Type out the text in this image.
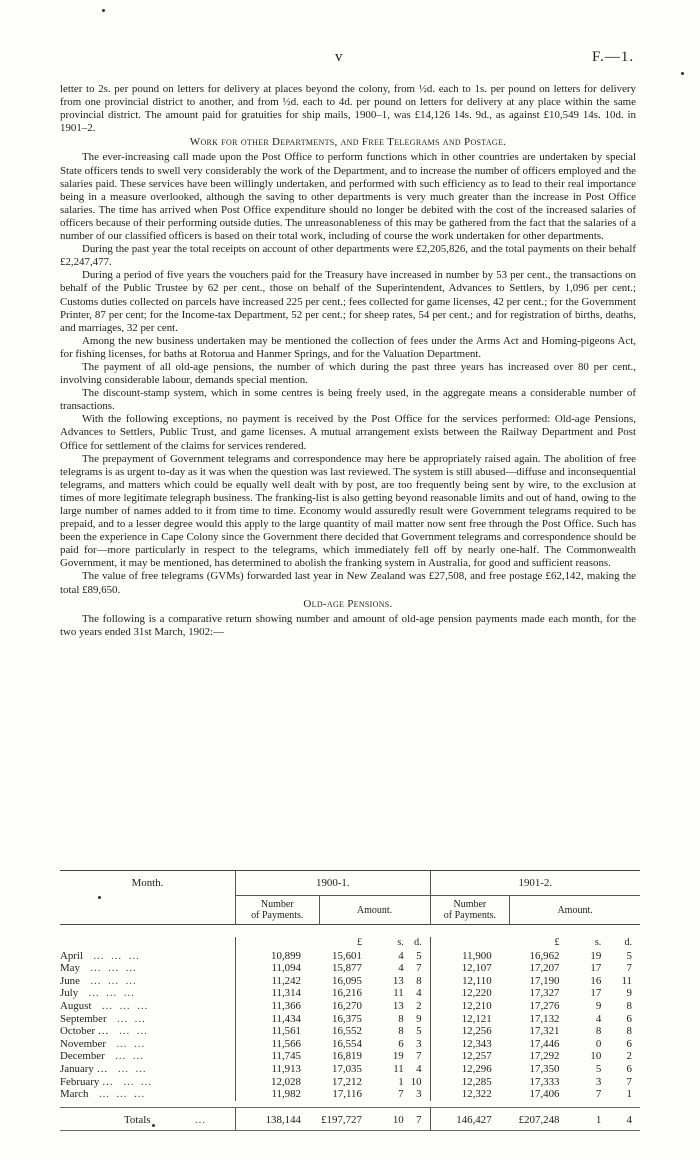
v	F.—1.

letter to 2s. per pound on letters for delivery at places beyond the colony, from ½d. each to 1s. per pound on letters for delivery from one provincial district to another, and from ½d. each to 4d. per pound on letters for delivery at any place within the same provincial district. The amount paid for gratuities for ship mails, 1900–1, was £14,126 14s. 9d., as against £10,549 14s. 10d. in 1901–2.

Work for other Departments, and Free Telegrams and Postage.

The ever-increasing call made upon the Post Office to perform functions which in other countries are undertaken by special State officers tends to swell very considerably the work of the Department, and to increase the number of officers employed and the salaries paid. These services have been willingly undertaken, and performed with such efficiency as to lead to their real importance being in a measure overlooked, although the saving to other departments is very much greater than the increase in Post Office salaries. The time has arrived when Post Office expenditure should no longer be debited with the cost of the increased salaries of officers because of their performing outside duties. The unreasonableness of this may be gathered from the fact that the salaries of a number of our classified officers is based on their total work, including of course the work undertaken for other departments.

During the past year the total receipts on account of other departments were £2,205,826, and the total payments on their behalf £2,247,477.

During a period of five years the vouchers paid for the Treasury have increased in number by 53 per cent., the transactions on behalf of the Public Trustee by 62 per cent., those on behalf of the Superintendent, Advances to Settlers, by 1,096 per cent.; Customs duties collected on parcels have increased 225 per cent.; fees collected for game licenses, 42 per cent.; for the Government Printer, 87 per cent; for the Income-tax Department, 52 per cent.; for sheep rates, 54 per cent.; and for registration of births, deaths, and marriages, 32 per cent.

Among the new business undertaken may be mentioned the collection of fees under the Arms Act and Homing-pigeons Act, for fishing licenses, for baths at Rotorua and Hanmer Springs, and for the Valuation Department.

The payment of all old-age pensions, the number of which during the past three years has increased over 80 per cent., involving considerable labour, demands special mention.

The discount-stamp system, which in some centres is being freely used, in the aggregate means a considerable number of transactions.

With the following exceptions, no payment is received by the Post Office for the services performed: Old-age Pensions, Advances to Settlers, Public Trust, and game licenses. A mutual arrangement exists between the Railway Department and Post Office for settlement of the claims for services rendered.

The prepayment of Government telegrams and correspondence may here be appropriately raised again. The abolition of free telegrams is as urgent to-day as it was when the question was last reviewed. The system is still abused—diffuse and inconsequential telegrams, and matters which could be equally well dealt with by post, are too frequently being sent by wire, to the exclusion at times of more legitimate telegraph business. The franking-list is also getting beyond reasonable limits and out of hand, owing to the large number of names added to it from time to time. Economy would assuredly result were Government telegrams required to be prepaid, and to a lesser degree would this apply to the large quantity of mail matter now sent free through the Post Office. Such has been the experience in Cape Colony since the Government there decided that Government telegrams and correspondence should be paid for—more particularly in respect to the telegrams, which immediately fell off by nearly one-half. The Commonwealth Government, it may be mentioned, has determined to abolish the franking system in Australia, for good and sufficient reasons.

The value of free telegrams (GVMs) forwarded last year in New Zealand was £27,508, and free postage £62,142, making the total £89,650.

Old-age Pensions.

The following is a comparative return showing number and amount of old-age pension payments made each month, for the two years ended 31st March, 1902:—

Month.	1900-1.				1901-2.			
	Number
of Payments.	Amount.			Number
of Payments.	Amount.		

		£	s.	d.		£	s.	d.
April … … …	10,899	15,601	4	5	11,900	16,962	19	5
May … … …	11,094	15,877	4	7	12,107	17,207	17	7
June … … …	11,242	16,095	13	8	12,110	17,190	16	11
July … … …	11,314	16,216	11	4	12,220	17,327	17	9
August … … …	11,366	16,270	13	2	12,210	17,276	9	8
September … …	11,434	16,375	8	9	12,121	17,132	4	6
October … … …	11,561	16,552	8	5	12,256	17,321	8	8
November … …	11,566	16,554	6	3	12,343	17,446	0	6
December … …	11,745	16,819	19	7	12,257	17,292	10	2
January … … …	11,913	17,035	11	4	12,296	17,350	5	6
February … … …	12,028	17,212	1	10	12,285	17,333	3	7
March … … …	11,982	17,116	7	3	12,322	17,406	7	1

Totals …	138,144	£197,727	10	7	146,427	£207,248	1	4
